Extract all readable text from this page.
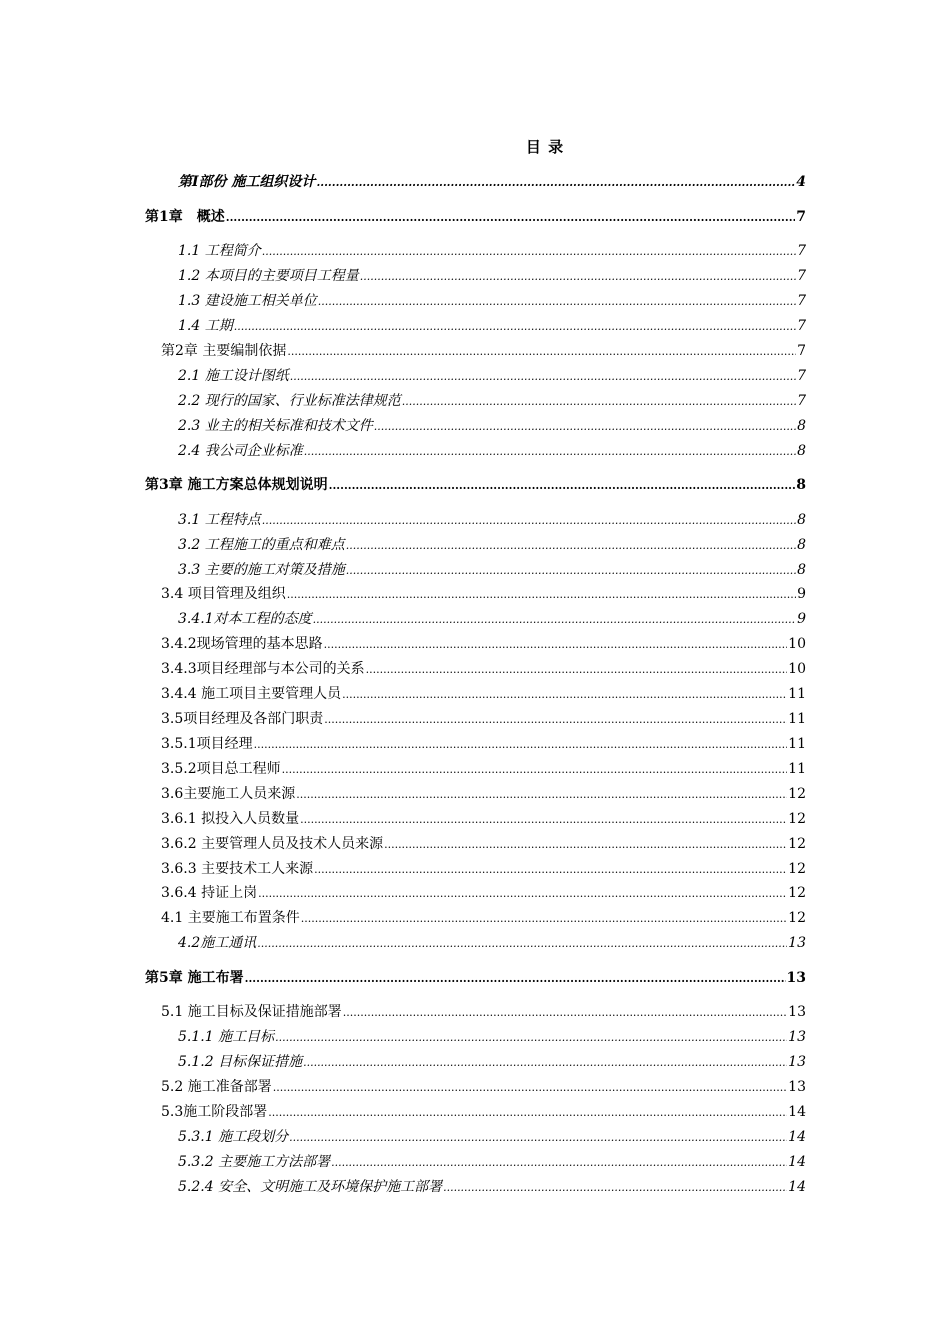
目 录
第Ⅰ部份 施工组织设计 .....	4
第1章　概述 .....	7
1.1 工程简介 .....	7
1.2 本项目的主要项目工程量 .....	7
1.3 建设施工相关单位 .....	7
1.4 工期 .....	7
第2章 主要编制依据 .....	7
2.1 施工设计图纸 .....	7
2.2 现行的国家、行业标准法律规范 .....	7
2.3 业主的相关标准和技术文件 .....	8
2.4 我公司企业标准 .....	8
第3章 施工方案总体规划说明 .....	8
3.1 工程特点 .....	8
3.2 工程施工的重点和难点 .....	8
3.3 主要的施工对策及措施 .....	8
3.4 项目管理及组织 .....	9
3.4.1对本工程的态度 .....	9
3.4.2现场管理的基本思路 .....	10
3.4.3项目经理部与本公司的关系 .....	10
3.4.4 施工项目主要管理人员 .....	11
3.5项目经理及各部门职责 .....	11
3.5.1项目经理 .....	11
3.5.2项目总工程师 .....	11
3.6主要施工人员来源 .....	12
3.6.1 拟投入人员数量 .....	12
3.6.2 主要管理人员及技术人员来源 .....	12
3.6.3 主要技术工人来源 .....	12
3.6.4 持证上岗 .....	12
4.1 主要施工布置条件 .....	12
4.2施工通讯 .....	13
第5章 施工布署 .....	13
5.1 施工目标及保证措施部署 .....	13
5.1.1 施工目标 .....	13
5.1.2 目标保证措施 .....	13
5.2 施工准备部署 .....	13
5.3施工阶段部署 .....	14
5.3.1 施工段划分 .....	14
5.3.2 主要施工方法部署 .....	14
5.2.4 安全、文明施工及环境保护施工部署 .....	14
